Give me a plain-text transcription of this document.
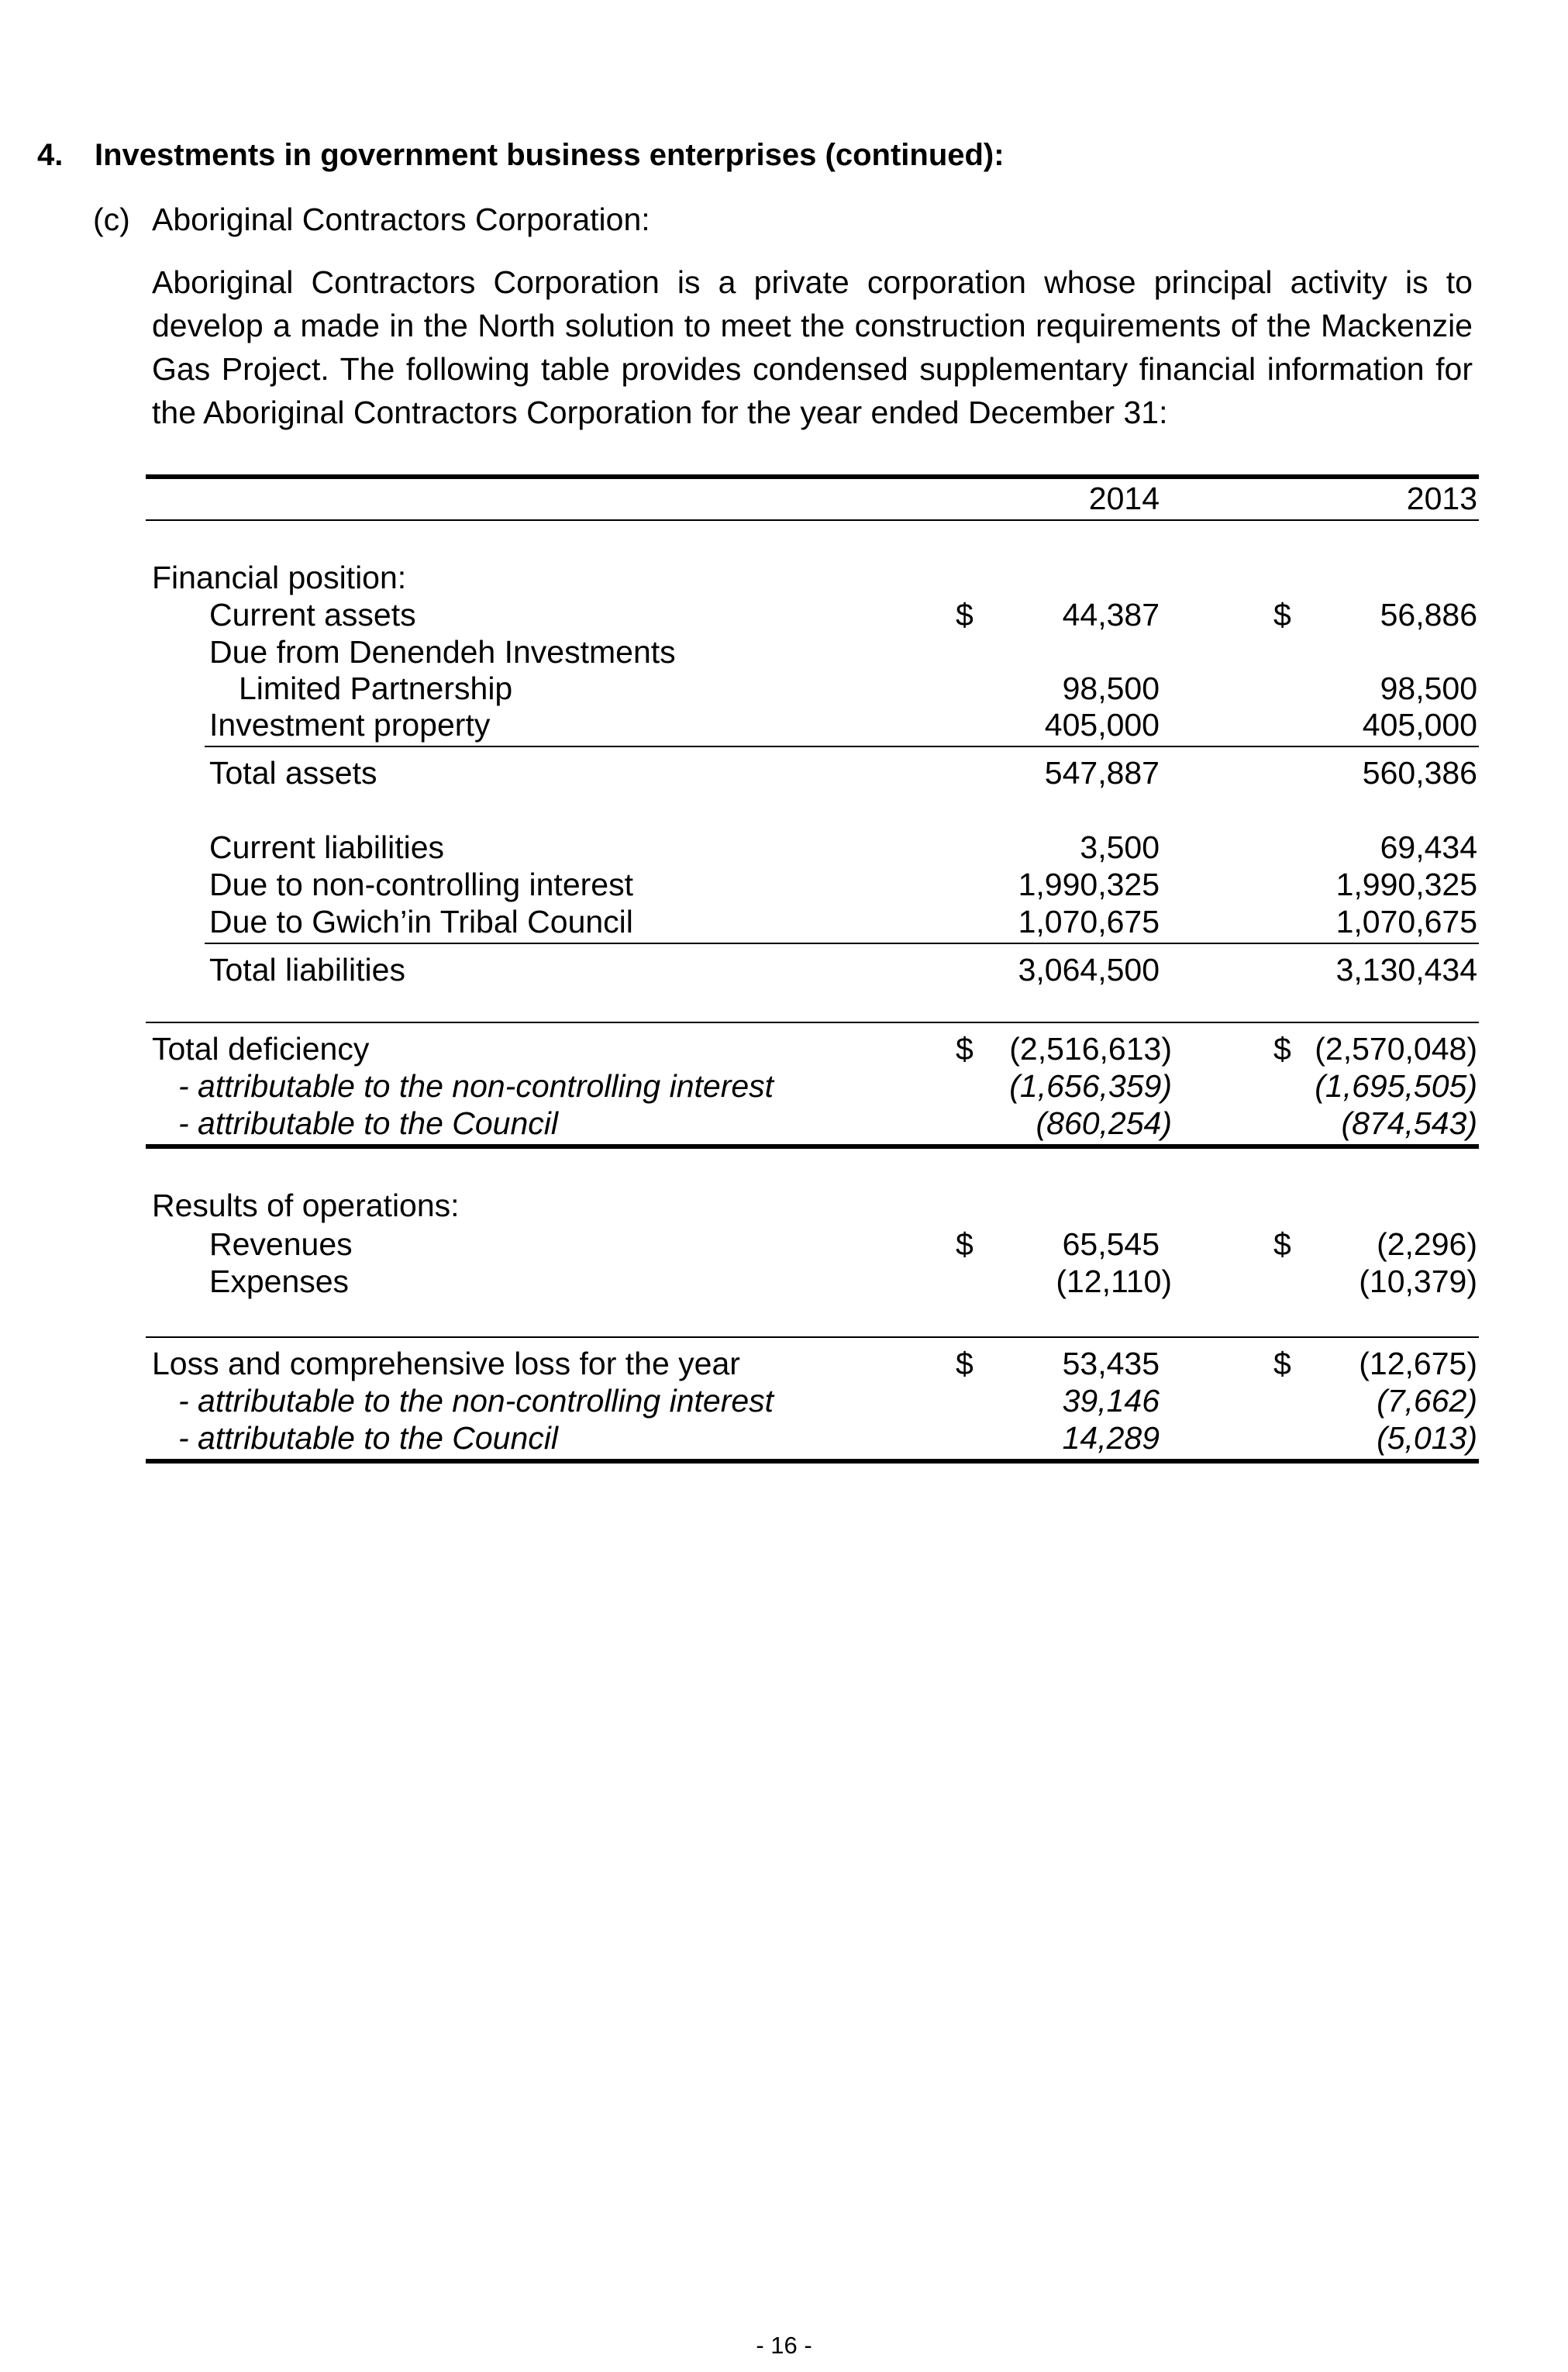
4. Investments in government business enterprises (continued):
(c) Aboriginal Contractors Corporation:
Aboriginal Contractors Corporation is a private corporation whose principal activity is to
develop a made in the North solution to meet the construction requirements of the Mackenzie
Gas Project. The following table provides condensed supplementary financial information for
the Aboriginal Contractors Corporation for the year ended December 31:
2014	2013
Financial position:
Current assets	$	44,387	$	56,886
Due from Denendeh Investments
Limited Partnership	98,500	98,500
Investment property	405,000	405,000
Total assets	547,887	560,386
Current liabilities	3,500	69,434
Due to non-controlling interest	1,990,325	1,990,325
Due to Gwich’in Tribal Council	1,070,675	1,070,675
Total liabilities	3,064,500	3,130,434
Total deficiency	$	(2,516,613)	$ (2,570,048)
- attributable to the non-controlling interest	(1,656,359)	(1,695,505)
- attributable to the Council	(860,254)	(874,543)
Results of operations:
Revenues	$	65,545	$	(2,296)
Expenses	(12,110)	(10,379)
Loss and comprehensive loss for the year	$	53,435	$	(12,675)
- attributable to the non-controlling interest	39,146	(7,662)
- attributable to the Council	14,289	(5,013)
- 16 -
